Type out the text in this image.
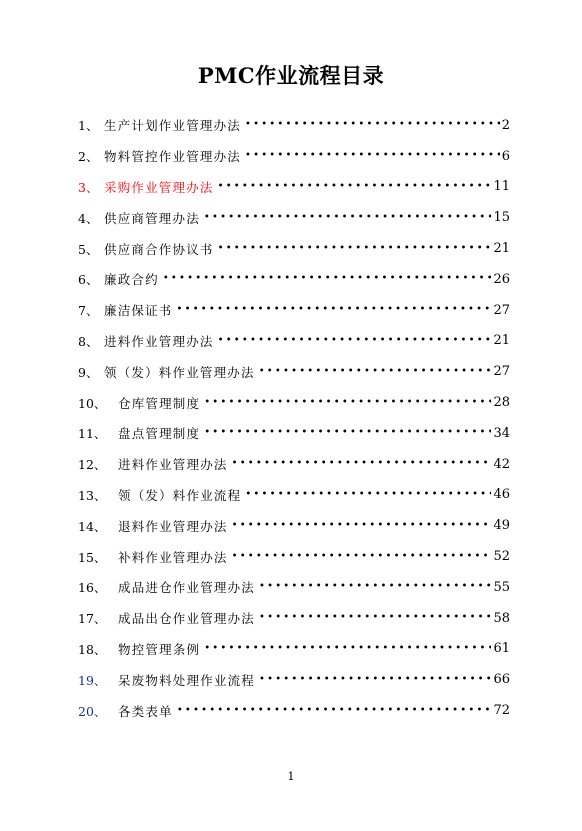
PMC作业流程目录
1、 生产计划作业管理办法 •••••	2
2、 物料管控作业管理办法 •••••	6
3、 采购作业管理办法 •••••	11
4、 供应商管理办法 •••••	15
5、 供应商合作协议书 •••••	21
6、 廉政合约 •••••	26
7、 廉洁保证书 •••••	27
8、 进料作业管理办法 •••••	21
9、 领（发）料作业管理办法 •••••	27
10、 仓库管理制度 •••••	28
11、 盘点管理制度 •••••	34
12、 进料作业管理办法 •••••	42
13、 领（发）料作业流程 •••••	46
14、 退料作业管理办法 •••••	49
15、 补料作业管理办法 •••••	52
16、 成品进仓作业管理办法 •••••	55
17、 成品出仓作业管理办法 •••••	58
18、 物控管理条例 •••••	61
19、 呆废物料处理作业流程 •••••	66
20、 各类表单 •••••	72
1
